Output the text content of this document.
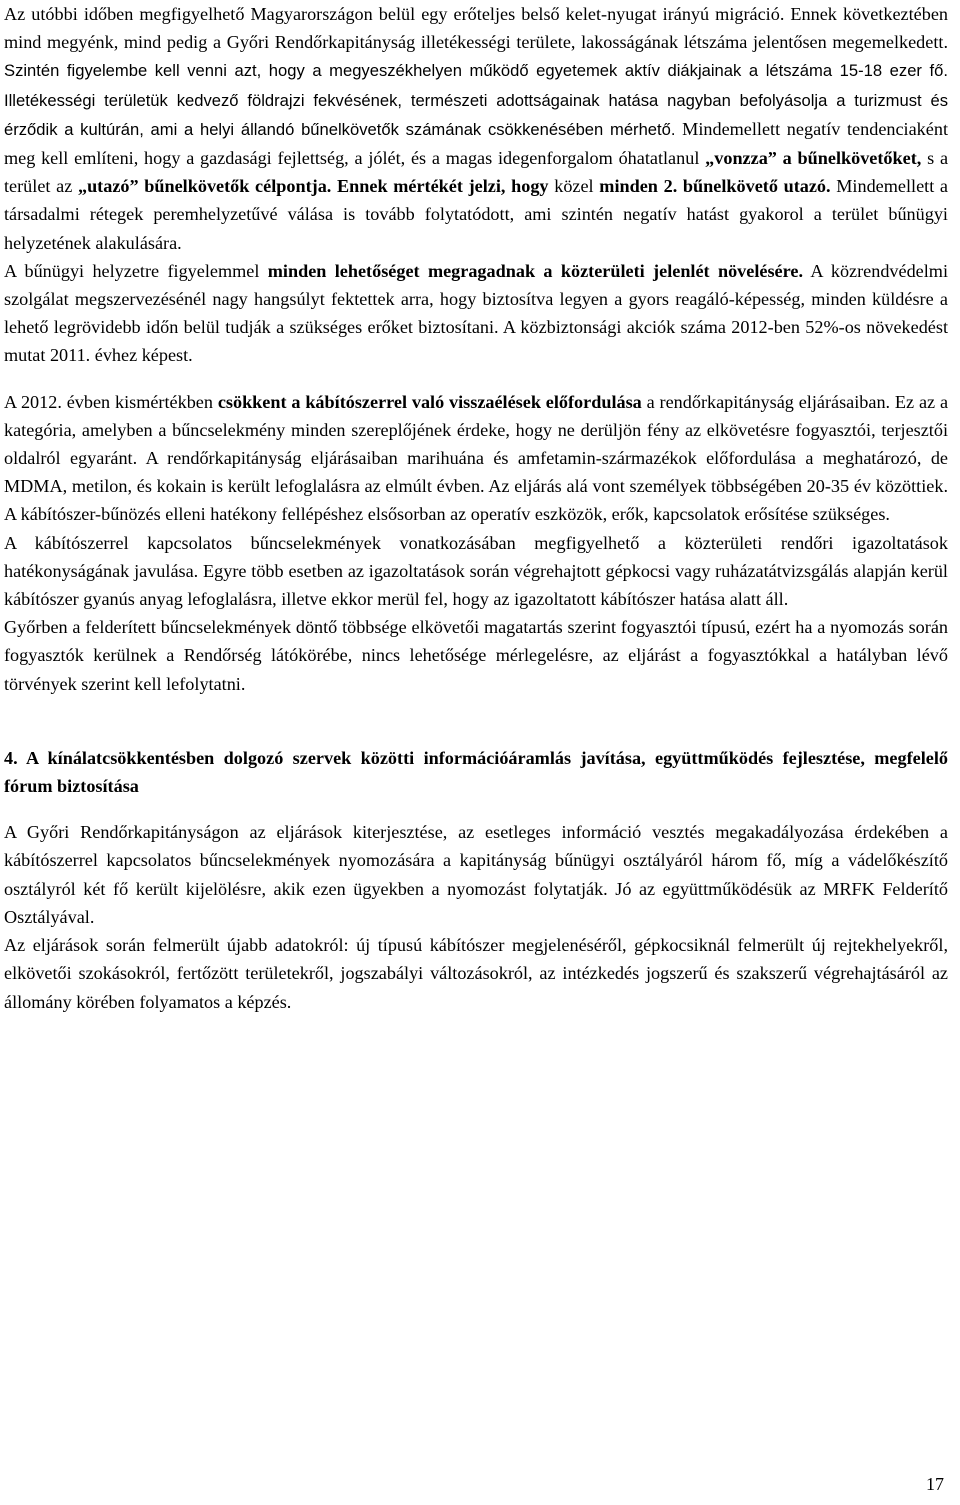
Az utóbbi időben megfigyelhető Magyarországon belül egy erőteljes belső kelet-nyugat irányú migráció. Ennek következtében mind megyénk, mind pedig a Győri Rendőrkapitányság illetékességi területe, lakosságának létszáma jelentősen megemelkedett. Szintén figyelembe kell venni azt, hogy a megyeszékhelyen működő egyetemek aktív diákjainak a létszáma 15-18 ezer fő. Illetékességi területük kedvező földrajzi fekvésének, természeti adottságainak hatása nagyban befolyásolja a turizmust és érződik a kultúrán, ami a helyi állandó bűnelkövetők számának csökkenésében mérhető. Mindemellett negatív tendenciaként meg kell említeni, hogy a gazdasági fejlettség, a jólét, és a magas idegenforgalom óhatatlanul „vonzza” a bűnelkövetőket, s a terület az „utazó” bűnelkövetők célpontja. Ennek mértékét jelzi, hogy közel minden 2. bűnelkövető utazó. Mindemellett a társadalmi rétegek peremhelyzetűvé válása is tovább folytatódott, ami szintén negatív hatást gyakorol a terület bűnügyi helyzetének alakulására.

A bűnügyi helyzetre figyelemmel minden lehetőséget megragadnak a közterületi jelenlét növelésére. A közrendvédelmi szolgálat megszervezésénél nagy hangsúlyt fektettek arra, hogy biztosítva legyen a gyors reagáló-képesség, minden küldésre a lehető legrövidebb időn belül tudják a szükséges erőket biztosítani. A közbiztonsági akciók száma 2012-ben 52%-os növekedést mutat 2011. évhez képest.

A 2012. évben kismértékben csökkent a kábítószerrel való visszaélések előfordulása a rendőrkapitányság eljárásaiban. Ez az a kategória, amelyben a bűncselekmény minden szereplőjének érdeke, hogy ne derüljön fény az elkövetésre fogyasztói, terjesztői oldalról egyaránt. A rendőrkapitányság eljárásaiban marihuána és amfetamin-származékok előfordulása a meghatározó, de MDMA, metilon, és kokain is került lefoglalásra az elmúlt évben. Az eljárás alá vont személyek többségében 20-35 év közöttiek. A kábítószer-bűnözés elleni hatékony fellépéshez elsősorban az operatív eszközök, erők, kapcsolatok erősítése szükséges.

A kábítószerrel kapcsolatos bűncselekmények vonatkozásában megfigyelhető a közterületi rendőri igazoltatások hatékonyságának javulása. Egyre több esetben az igazoltatások során végrehajtott gépkocsi vagy ruházatátvizsgálás alapján kerül kábítószer gyanús anyag lefoglalásra, illetve ekkor merül fel, hogy az igazoltatott kábítószer hatása alatt áll.

Győrben a felderített bűncselekmények döntő többsége elkövetői magatartás szerint fogyasztói típusú, ezért ha a nyomozás során fogyasztók kerülnek a Rendőrség látókörébe, nincs lehetősége mérlegelésre, az eljárást a fogyasztókkal a hatályban lévő törvények szerint kell lefolytatni.

4. A kínálatcsökkentésben dolgozó szervek közötti információáramlás javítása, együttműködés fejlesztése, megfelelő fórum biztosítása

A Győri Rendőrkapitányságon az eljárások kiterjesztése, az esetleges információ vesztés megakadályozása érdekében a kábítószerrel kapcsolatos bűncselekmények nyomozására a kapitányság bűnügyi osztályáról három fő, míg a vádelőkészítő osztályról két fő került kijelölésre, akik ezen ügyekben a nyomozást folytatják. Jó az együttműködésük az MRFK Felderítő Osztályával.

Az eljárások során felmerült újabb adatokról: új típusú kábítószer megjelenéséről, gépkocsiknál felmerült új rejtekhelyekről, elkövetői szokásokról, fertőzött területekről, jogszabályi változásokról, az intézkedés jogszerű és szakszerű végrehajtásáról az állomány körében folyamatos a képzés.

17
